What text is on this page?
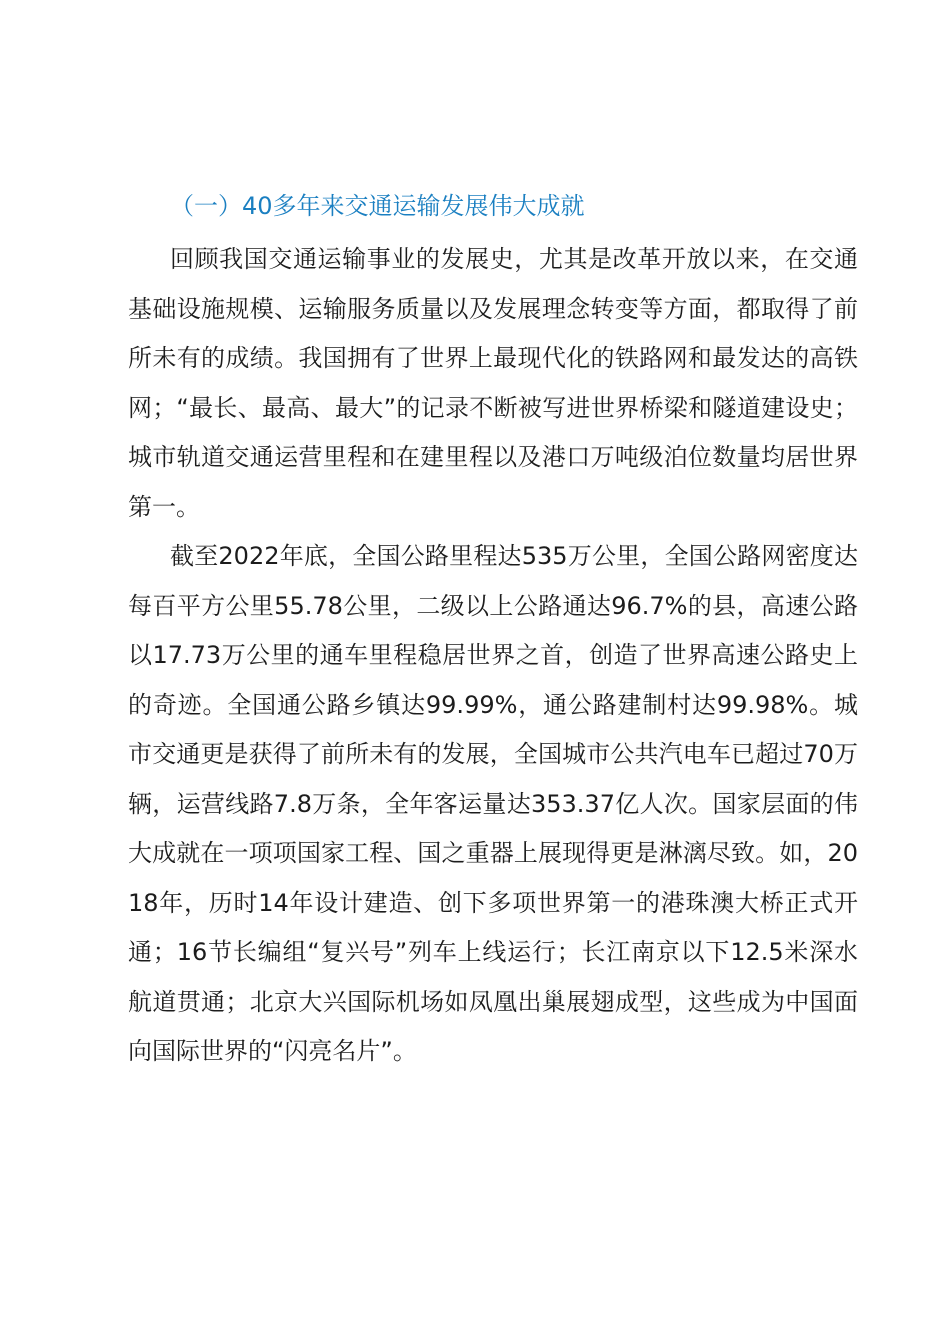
（一）40多年来交通运输发展伟大成就

回顾我国交通运输事业的发展史，尤其是改革开放以来，在交通基础设施规模、运输服务质量以及发展理念转变等方面，都取得了前所未有的成绩。我国拥有了世界上最现代化的铁路网和最发达的高铁网；“最长、最高、最大”的记录不断被写进世界桥梁和隧道建设史；城市轨道交通运营里程和在建里程以及港口万吨级泊位数量均居世界第一。

截至2022年底，全国公路里程达535万公里，全国公路网密度达每百平方公里55.78公里，二级以上公路通达96.7%的县，高速公路以17.73万公里的通车里程稳居世界之首，创造了世界高速公路史上的奇迹。全国通公路乡镇达99.99%，通公路建制村达99.98%。城市交通更是获得了前所未有的发展，全国城市公共汽电车已超过70万辆，运营线路7.8万条，全年客运量达353.37亿人次。国家层面的伟大成就在一项项国家工程、国之重器上展现得更是淋漓尽致。如，2018年，历时14年设计建造、创下多项世界第一的港珠澳大桥正式开通；16节长编组“复兴号”列车上线运行；长江南京以下12.5米深水航道贯通；北京大兴国际机场如凤凰出巢展翅成型，这些成为中国面向国际世界的“闪亮名片”。
